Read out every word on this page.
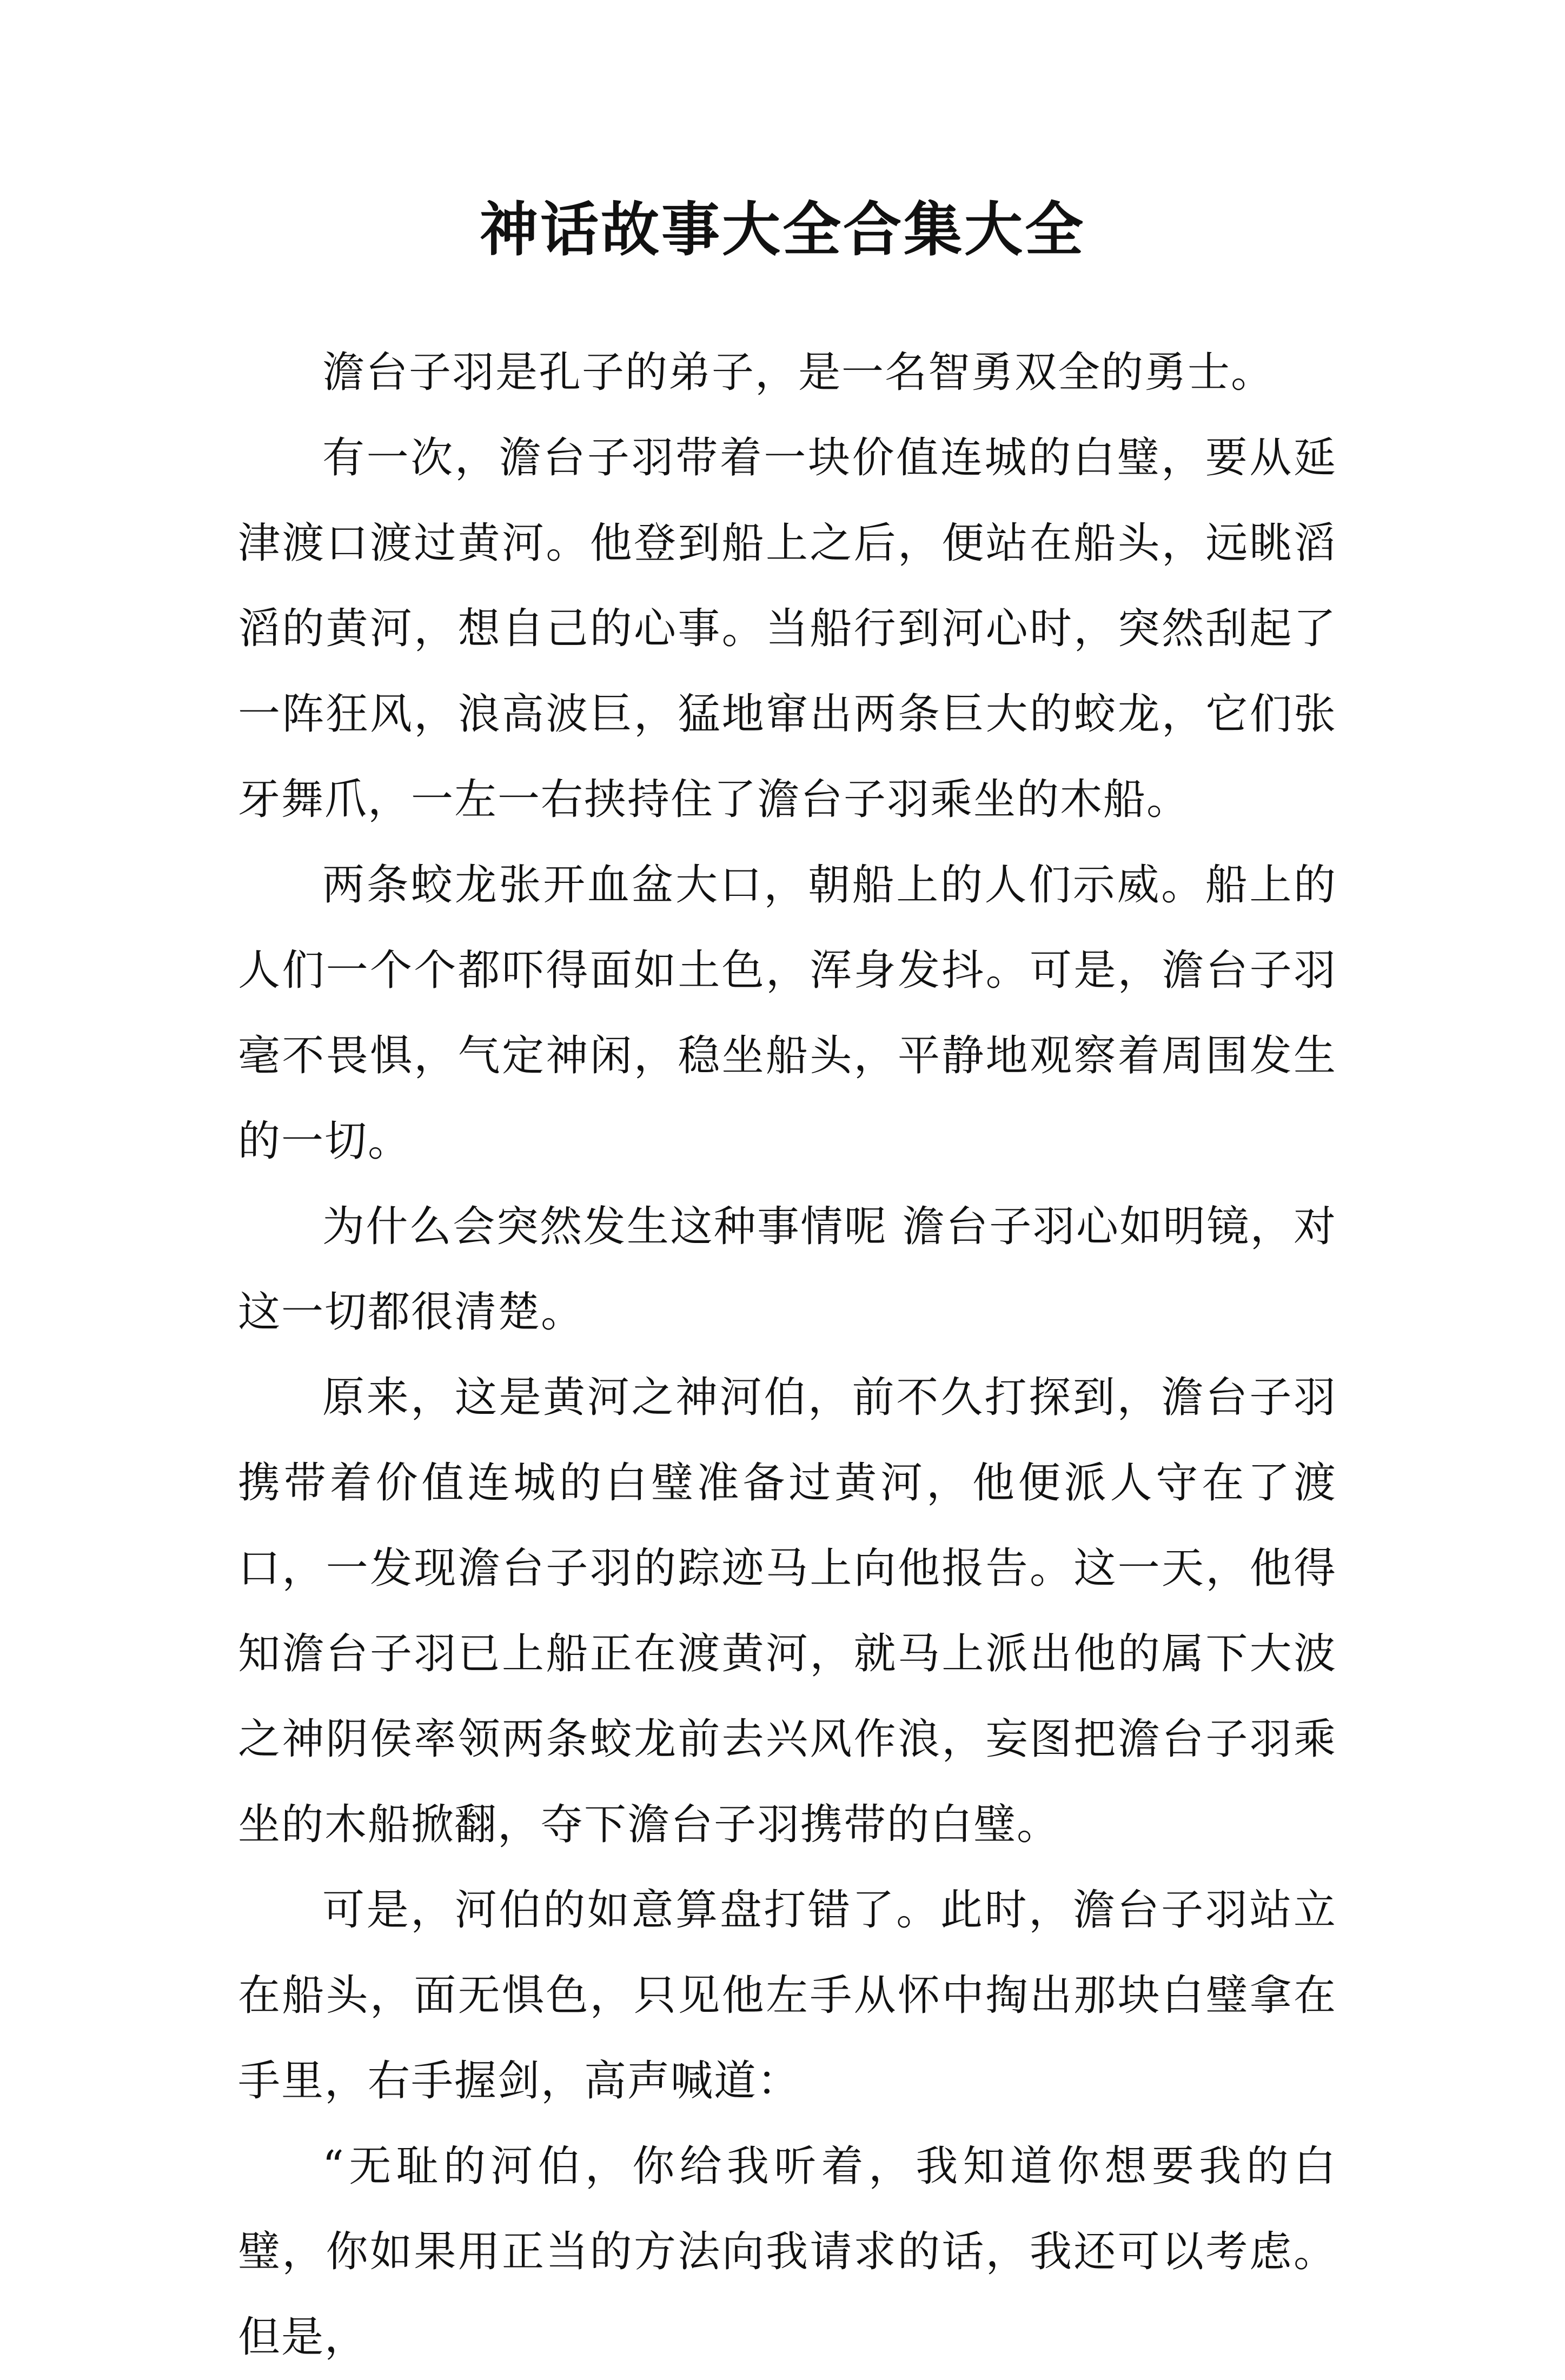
神话故事大全合集大全

澹台子羽是孔子的弟子，是一名智勇双全的勇士。

有一次，澹台子羽带着一块价值连城的白璧，要从延津渡口渡过黄河。他登到船上之后，便站在船头，远眺滔滔的黄河，想自己的心事。当船行到河心时，突然刮起了一阵狂风，浪高波巨，猛地窜出两条巨大的蛟龙，它们张牙舞爪，一左一右挟持住了澹台子羽乘坐的木船。

两条蛟龙张开血盆大口，朝船上的人们示威。船上的人们一个个都吓得面如土色，浑身发抖。可是，澹台子羽毫不畏惧，气定神闲，稳坐船头，平静地观察着周围发生的一切。

为什么会突然发生这种事情呢 澹台子羽心如明镜，对这一切都很清楚。

原来，这是黄河之神河伯，前不久打探到，澹台子羽携带着价值连城的白璧准备过黄河，他便派人守在了渡口，一发现澹台子羽的踪迹马上向他报告。这一天，他得知澹台子羽已上船正在渡黄河，就马上派出他的属下大波之神阴侯率领两条蛟龙前去兴风作浪，妄图把澹台子羽乘坐的木船掀翻，夺下澹台子羽携带的白璧。

可是，河伯的如意算盘打错了。此时，澹台子羽站立在船头，面无惧色，只见他左手从怀中掏出那块白璧拿在手里，右手握剑，高声喊道：

“无耻的河伯，你给我听着，我知道你想要我的白璧，你如果用正当的方法向我请求的话，我还可以考虑。但是，
